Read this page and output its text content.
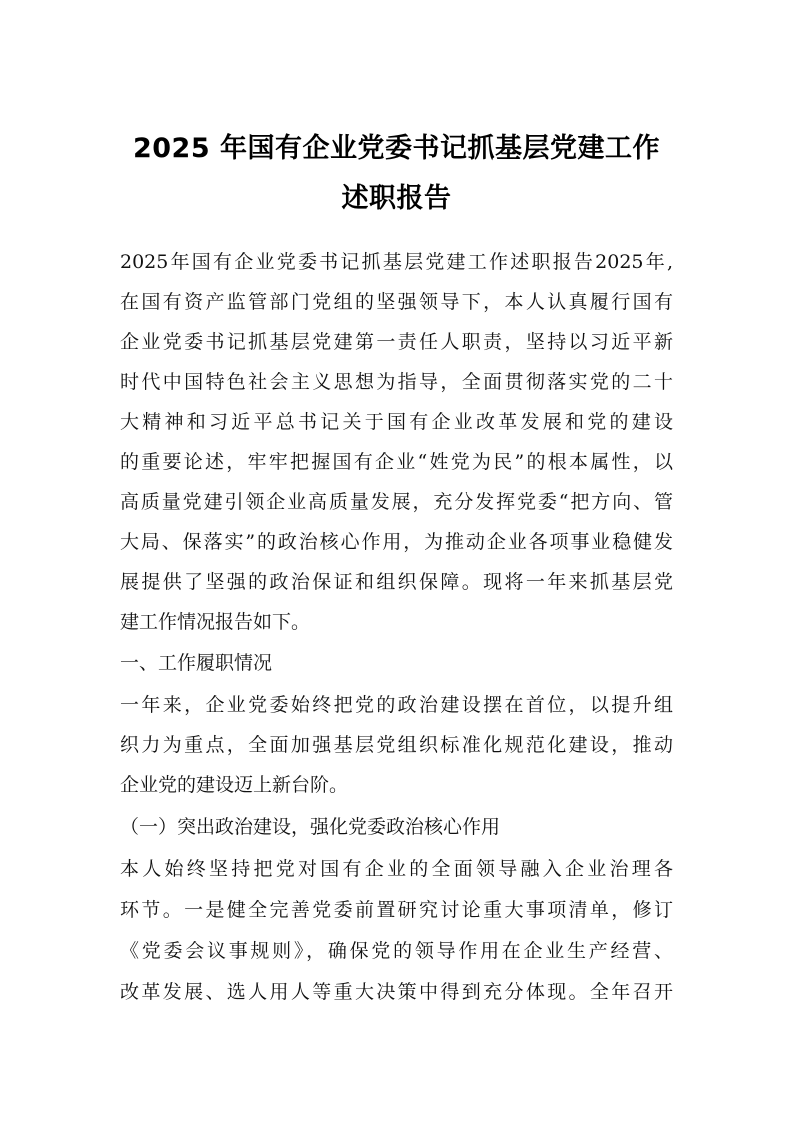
2025 年国有企业党委书记抓基层党建工作
述职报告
2025年国有企业党委书记抓基层党建工作述职报告2025年,
在国有资产监管部门党组的坚强领导下，本人认真履行国有
企业党委书记抓基层党建第一责任人职责，坚持以习近平新
时代中国特色社会主义思想为指导，全面贯彻落实党的二十
大精神和习近平总书记关于国有企业改革发展和党的建设
的重要论述，牢牢把握国有企业“姓党为民”的根本属性，以
高质量党建引领企业高质量发展，充分发挥党委“把方向、管
大局、保落实”的政治核心作用，为推动企业各项事业稳健发
展提供了坚强的政治保证和组织保障。现将一年来抓基层党
建工作情况报告如下。
一、工作履职情况
一年来，企业党委始终把党的政治建设摆在首位，以提升组
织力为重点，全面加强基层党组织标准化规范化建设，推动
企业党的建设迈上新台阶。
（一）突出政治建设，强化党委政治核心作用
本人始终坚持把党对国有企业的全面领导融入企业治理各
环节。一是健全完善党委前置研究讨论重大事项清单，修订
《党委会议事规则》，确保党的领导作用在企业生产经营、
改革发展、选人用人等重大决策中得到充分体现。全年召开
